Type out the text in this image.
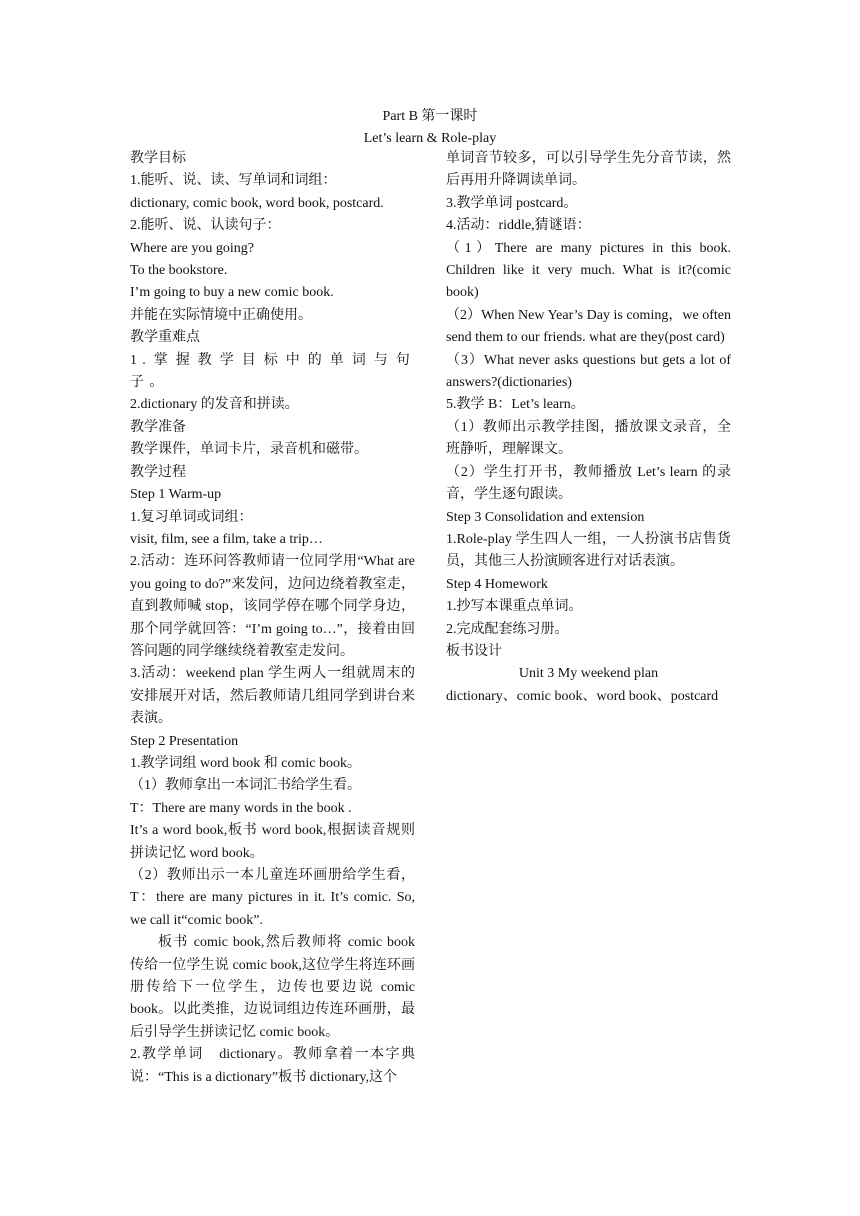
Part B 第一课时
Let’s learn & Role-play

教学目标

1.能听、说、读、写单词和词组：

dictionary, comic book, word book, postcard.

2.能听、说、认读句子：

Where are you going?

To the bookstore.

I’m going to buy a new comic book.

并能在实际情境中正确使用。

教学重难点

1.掌握教学目标中的单词与句子。

2.dictionary 的发音和拼读。

教学准备

教学课件，单词卡片，录音机和磁带。

教学过程

Step 1 Warm-up

1.复习单词或词组：

visit, film, see a film, take a trip…

2.活动：连环问答教师请一位同学用“What are you going to do?”来发问，边问边绕着教室走，直到教师喊 stop，该同学停在哪个同学身边，那个同学就回答：“I’m going to…”，接着由回答问题的同学继续绕着教室走发问。

3.活动：weekend plan 学生两人一组就周末的安排展开对话，然后教师请几组同学到讲台来表演。

Step 2 Presentation

1.教学词组 word book 和 comic book。

（1）教师拿出一本词汇书给学生看。

T：There are many words in the book .

It’s a word book,板书 word book,根据读音规则拼读记忆 word book。

（2）教师出示一本儿童连环画册给学生看，T：there are many pictures in it. It’s comic. So, we call it“comic book”.

板书 comic book,然后教师将 comic book 传给一位学生说 comic book,这位学生将连环画册传给下一位学生，边传也要边说 comic book。以此类推，边说词组边传连环画册，最后引导学生拼读记忆 comic book。

2.教学单词　dictionary。教师拿着一本字典说：“This is a dictionary”板书 dictionary,这个

单词音节较多，可以引导学生先分音节读，然后再用升降调读单词。

3.教学单词 postcard。

4.活动：riddle,猜谜语：

（1）There are many pictures in this book. Children like it very much. What is it?(comic book)

（2）When New Year’s Day is coming，we often send them to our friends. what are they(post card)

（3）What never asks questions but gets a lot of answers?(dictionaries)

5.教学 B：Let’s learn。

（1）教师出示教学挂图，播放课文录音，全班静听，理解课文。

（2）学生打开书，教师播放 Let’s learn 的录音，学生逐句跟读。

Step 3 Consolidation and extension

1.Role-play 学生四人一组，一人扮演书店售货员，其他三人扮演顾客进行对话表演。

Step 4 Homework

1.抄写本课重点单词。

2.完成配套练习册。

板书设计

Unit 3 My weekend plan

dictionary、comic book、word book、postcard
